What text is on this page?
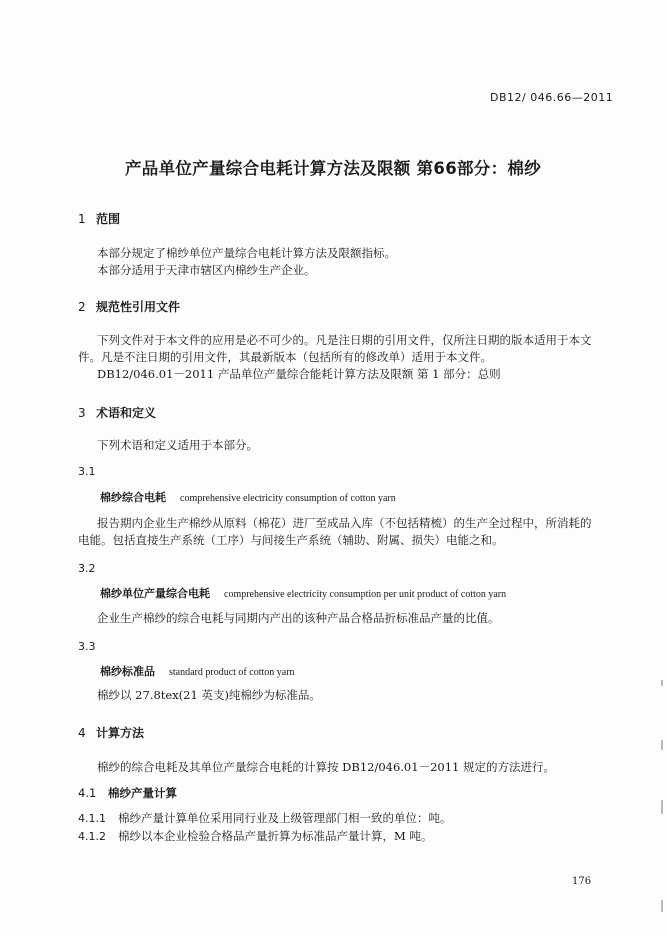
DB12/ 046.66—2011
产品单位产量综合电耗计算方法及限额 第66部分：棉纱
1 范围
本部分规定了棉纱单位产量综合电耗计算方法及限额指标。
本部分适用于天津市辖区内棉纱生产企业。
2 规范性引用文件
下列文件对于本文件的应用是必不可少的。凡是注日期的引用文件，仅所注日期的版本适用于本文
件。凡是不注日期的引用文件，其最新版本（包括所有的修改单）适用于本文件。
DB12/046.01－2011 产品单位产量综合能耗计算方法及限额 第 1 部分：总则
3 术语和定义
下列术语和定义适用于本部分。
3.1
棉纱综合电耗 comprehensive electricity consumption of cotton yarn
报告期内企业生产棉纱从原料（棉花）进厂至成品入库（不包括精梳）的生产全过程中，所消耗的
电能。包括直接生产系统（工序）与间接生产系统（辅助、附属、损失）电能之和。
3.2
棉纱单位产量综合电耗 comprehensive electricity consumption per unit product of cotton yarn
企业生产棉纱的综合电耗与同期内产出的该种产品合格品折标准品产量的比值。
3.3
棉纱标准品 standard product of cotton yarn
棉纱以 27.8tex(21 英支)纯棉纱为标准品。
4 计算方法
棉纱的综合电耗及其单位产量综合电耗的计算按 DB12/046.01－2011 规定的方法进行。
4.1 棉纱产量计算
4.1.1 棉纱产量计算单位采用同行业及上级管理部门相一致的单位：吨。
4.1.2 棉纱以本企业检验合格品产量折算为标准品产量计算，M 吨。
176
